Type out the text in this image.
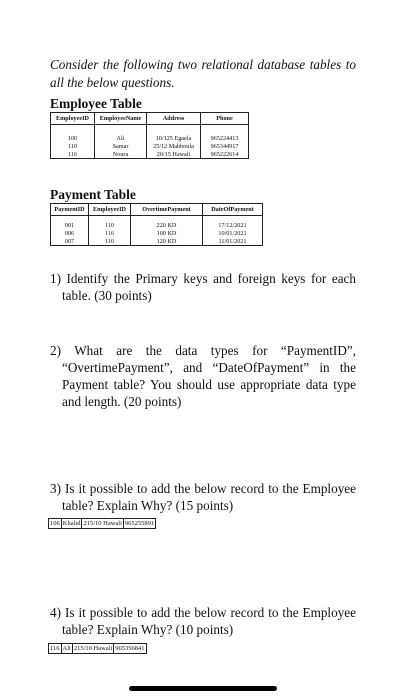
Consider the following two relational database tables to all the below questions.

Employee Table
EmployeeID	EmployeeName	Address	Phone

100	Ali	10/125 Egaela	965224413
110	Samar	25/12 Mahboula	965344917
116	Noura	20/15 Hawali	965222614
Payment Table
PaymentID	EmployeeID	OvertimePayment	DateOfPayment

001	110	220 KD	17/12/2021
006	116	100 KD	10/01/2021
007	110	120 KD	11/01/2021

1) Identify the Primary keys and foreign keys for each table. (30 points)

2) What are the data types for “PaymentID”, “OvertimePayment”, and “DateOfPayment” in the Payment table? You should use appropriate data type and length. (20 points)

3) Is it possible to add the below record to the Employee table? Explain Why? (15 points)

106	Khalid	215/10 Hawali	965255891

4) Is it possible to add the below record to the Employee table? Explain Why? (10 points)

116	Ali	215/10 Hawali	965356841
